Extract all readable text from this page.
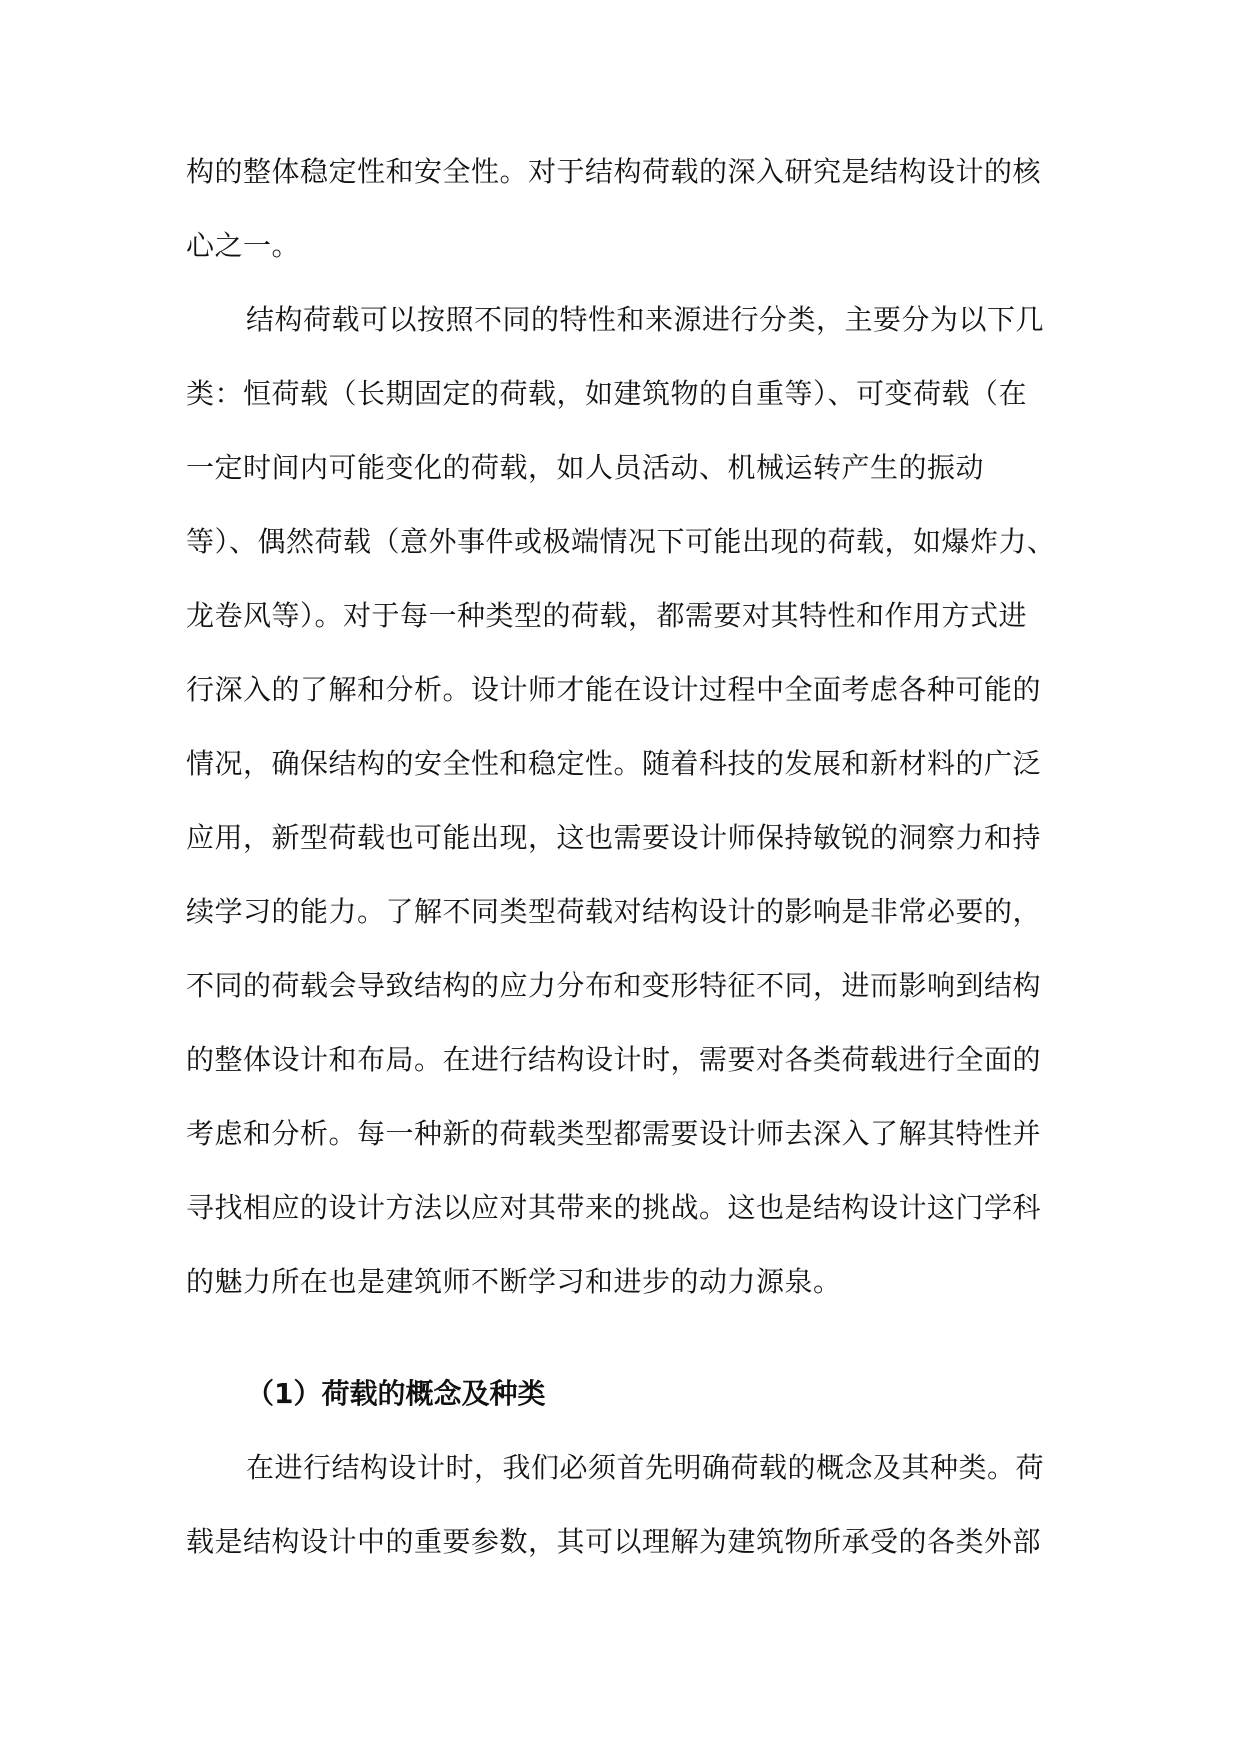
构的整体稳定性和安全性。对于结构荷载的深入研究是结构设计的核
心之一。
结构荷载可以按照不同的特性和来源进行分类，主要分为以下几
类：恒荷载（长期固定的荷载，如建筑物的自重等）、可变荷载（在
一定时间内可能变化的荷载，如人员活动、机械运转产生的振动
等）、偶然荷载（意外事件或极端情况下可能出现的荷载，如爆炸力、
龙卷风等）。对于每一种类型的荷载，都需要对其特性和作用方式进
行深入的了解和分析。设计师才能在设计过程中全面考虑各种可能的
情况，确保结构的安全性和稳定性。随着科技的发展和新材料的广泛
应用，新型荷载也可能出现，这也需要设计师保持敏锐的洞察力和持
续学习的能力。了解不同类型荷载对结构设计的影响是非常必要的，
不同的荷载会导致结构的应力分布和变形特征不同，进而影响到结构
的整体设计和布局。在进行结构设计时，需要对各类荷载进行全面的
考虑和分析。每一种新的荷载类型都需要设计师去深入了解其特性并
寻找相应的设计方法以应对其带来的挑战。这也是结构设计这门学科
的魅力所在也是建筑师不断学习和进步的动力源泉。
（1）荷载的概念及种类
在进行结构设计时，我们必须首先明确荷载的概念及其种类。荷
载是结构设计中的重要参数，其可以理解为建筑物所承受的各类外部
